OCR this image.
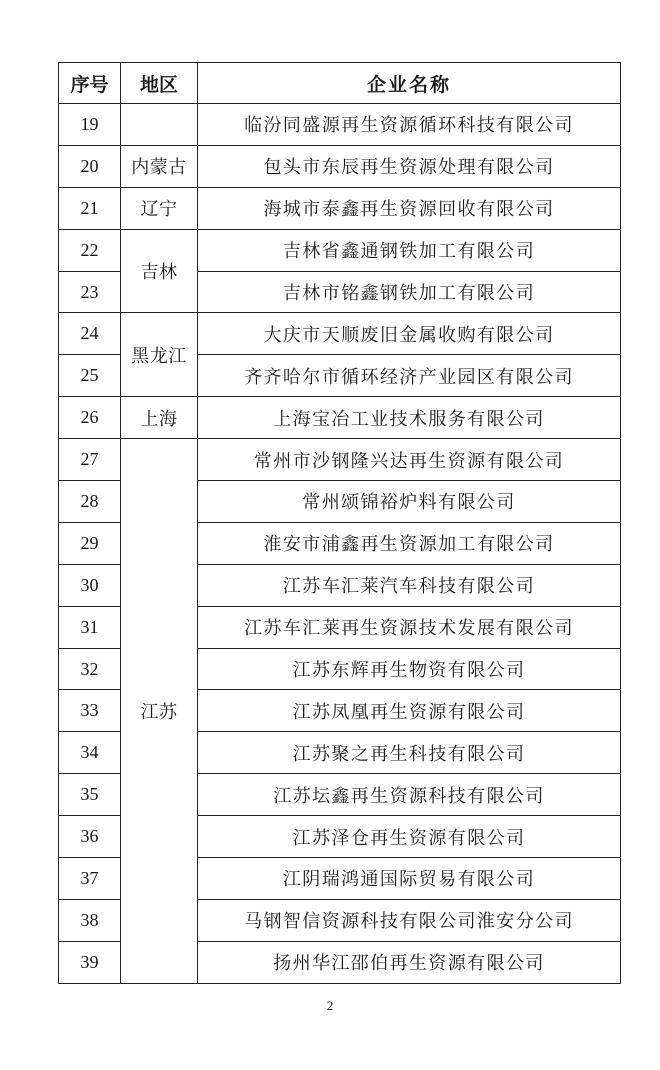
序号	地区	企业名称
19		临汾同盛源再生资源循环科技有限公司
20	内蒙古	包头市东辰再生资源处理有限公司
21	辽宁	海城市泰鑫再生资源回收有限公司
22	吉林	吉林省鑫通钢铁加工有限公司
23		吉林市铭鑫钢铁加工有限公司
24	黑龙江	大庆市天顺废旧金属收购有限公司
25		齐齐哈尔市循环经济产业园区有限公司
26	上海	上海宝冶工业技术服务有限公司
27	江苏	常州市沙钢隆兴达再生资源有限公司
28		常州颂锦裕炉料有限公司
29		淮安市浦鑫再生资源加工有限公司
30		江苏车汇莱汽车科技有限公司
31		江苏车汇莱再生资源技术发展有限公司
32		江苏东辉再生物资有限公司
33		江苏凤凰再生资源有限公司
34		江苏聚之再生科技有限公司
35		江苏坛鑫再生资源科技有限公司
36		江苏泽仓再生资源有限公司
37		江阴瑞鸿通国际贸易有限公司
38		马钢智信资源科技有限公司淮安分公司
39		扬州华江邵伯再生资源有限公司
2
